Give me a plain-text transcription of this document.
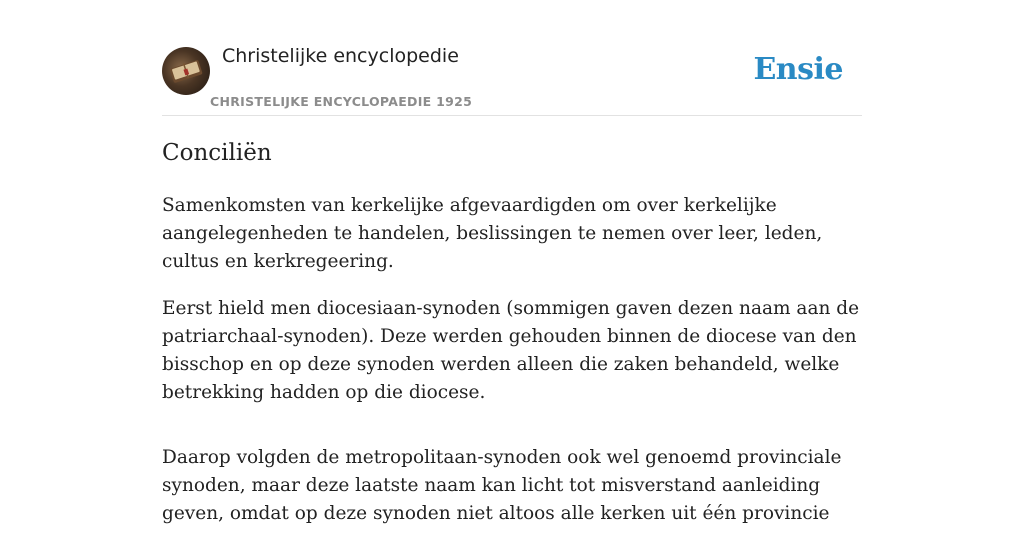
Christelijke encyclopedie
CHRISTELIJKE ENCYCLOPAEDIE 1925
Ensie
Conciliën

Samenkomsten van kerkelijke afgevaardigden om over kerkelijke aangelegenheden te handelen, beslissingen te nemen over leer, leden, cultus en kerkregeering.

Eerst hield men diocesiaan-synoden (sommigen gaven dezen naam aan de patriarchaal-synoden). Deze werden gehouden binnen de diocese van den bisschop en op deze synoden werden alleen die zaken behandeld, welke betrekking hadden op die diocese.

Daarop volgden de metropolitaan-synoden ook wel genoemd provinciale synoden, maar deze laatste naam kan licht tot misverstand aanleiding geven, omdat op deze synoden niet altoos alle kerken uit één provincie
